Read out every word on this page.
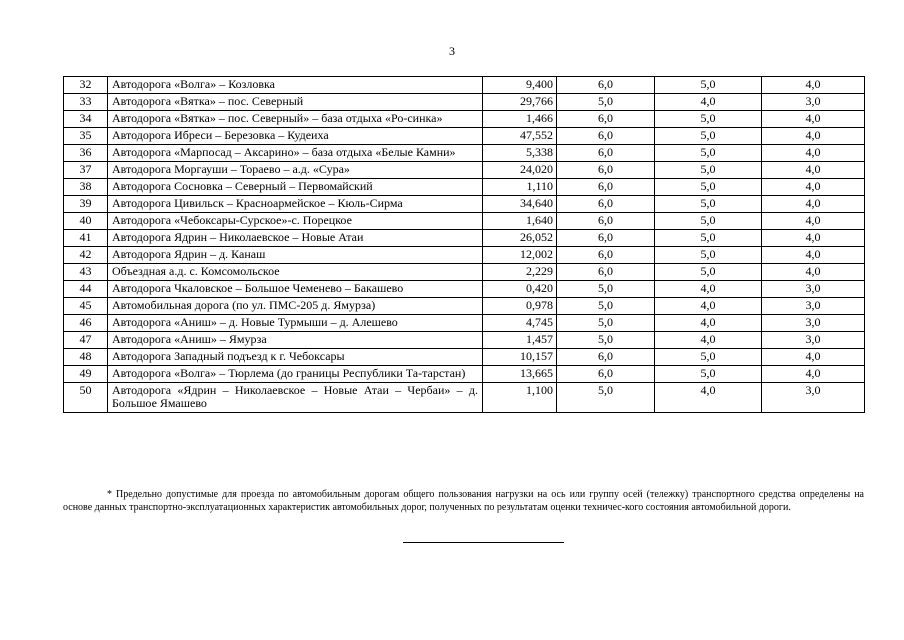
3
32	Автодорога «Волга» – Козловка	9,400	6,0	5,0	4,0
33	Автодорога «Вятка» – пос. Северный	29,766	5,0	4,0	3,0
34	Автодорога «Вятка» – пос. Северный» – база отдыха «Ро-синка»	1,466	6,0	5,0	4,0
35	Автодорога Ибреси – Березовка – Кудеиха	47,552	6,0	5,0	4,0
36	Автодорога «Марпосад – Аксарино» – база отдыха «Белые Камни»	5,338	6,0	5,0	4,0
37	Автодорога Моргауши – Тораево – а.д. «Сура»	24,020	6,0	5,0	4,0
38	Автодорога Сосновка – Северный – Первомайский	1,110	6,0	5,0	4,0
39	Автодорога Цивильск – Красноармейское – Кюль-Сирма	34,640	6,0	5,0	4,0
40	Автодорога «Чебоксары-Сурское»-с. Порецкое	1,640	6,0	5,0	4,0
41	Автодорога Ядрин – Николаевское – Новые Атаи	26,052	6,0	5,0	4,0
42	Автодорога Ядрин – д. Канаш	12,002	6,0	5,0	4,0
43	Объездная а.д. с. Комсомольское	2,229	6,0	5,0	4,0
44	Автодорога Чкаловское – Большое Чеменево – Бакашево	0,420	5,0	4,0	3,0
45	Автомобильная дорога (по ул. ПМС-205 д. Ямурза)	0,978	5,0	4,0	3,0
46	Автодорога «Аниш» – д. Новые Турмыши – д. Алешево	4,745	5,0	4,0	3,0
47	Автодорога «Аниш» – Ямурза	1,457	5,0	4,0	3,0
48	Автодорога Западный подъезд к г. Чебоксары	10,157	6,0	5,0	4,0
49	Автодорога «Волга» – Тюрлема (до границы Республики Та-тарстан)	13,665	6,0	5,0	4,0
50	Автодорога «Ядрин – Николаевское – Новые Атаи – Чербаи» – д. Большое Ямашево	1,100	5,0	4,0	3,0
* Предельно допустимые для проезда по автомобильным дорогам общего пользования нагрузки на ось или группу осей (тележку) транспортного средства определены на основе данных транспортно-эксплуатационных характеристик автомобильных дорог, полученных по результатам оценки техничес-кого состояния автомобильной дороги.
